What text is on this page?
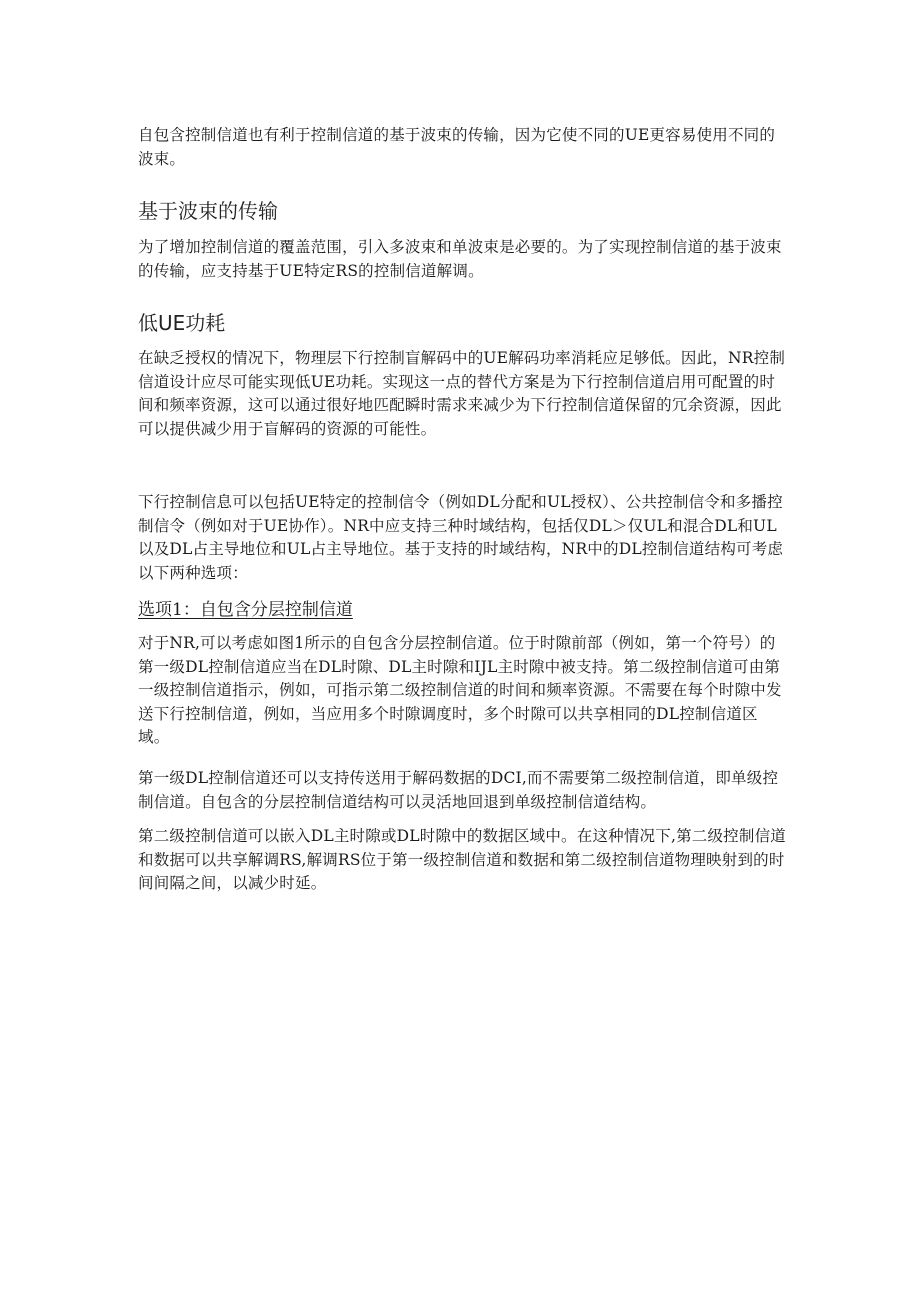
自包含控制信道也有利于控制信道的基于波束的传输，因为它使不同的UE更容易使用不同的波束。

基于波束的传输

为了增加控制信道的覆盖范围，引入多波束和单波束是必要的。为了实现控制信道的基于波束的传输，应支持基于UE特定RS的控制信道解调。

低UE功耗

在缺乏授权的情况下，物理层下行控制盲解码中的UE解码功率消耗应足够低。因此，NR控制信道设计应尽可能实现低UE功耗。实现这一点的替代方案是为下行控制信道启用可配置的时间和频率资源，这可以通过很好地匹配瞬时需求来减少为下行控制信道保留的冗余资源，因此可以提供减少用于盲解码的资源的可能性。

下行控制信息可以包括UE特定的控制信令（例如DL分配和UL授权）、公共控制信令和多播控制信令（例如对于UE协作）。NR中应支持三种时域结构，包括仅DL＞仅UL和混合DL和UL以及DL占主导地位和UL占主导地位。基于支持的时域结构，NR中的DL控制信道结构可考虑以下两种选项：

选项1：自包含分层控制信道

对于NR,可以考虑如图1所示的自包含分层控制信道。位于时隙前部（例如，第一个符号）的第一级DL控制信道应当在DL时隙、DL主时隙和IJL主时隙中被支持。第二级控制信道可由第一级控制信道指示，例如，可指示第二级控制信道的时间和频率资源。不需要在每个时隙中发送下行控制信道，例如，当应用多个时隙调度时，多个时隙可以共享相同的DL控制信道区域。

第一级DL控制信道还可以支持传送用于解码数据的DCI,而不需要第二级控制信道，即单级控制信道。自包含的分层控制信道结构可以灵活地回退到单级控制信道结构。

第二级控制信道可以嵌入DL主时隙或DL时隙中的数据区域中。在这种情况下,第二级控制信道和数据可以共享解调RS,解调RS位于第一级控制信道和数据和第二级控制信道物理映射到的时间间隔之间，以减少时延。
